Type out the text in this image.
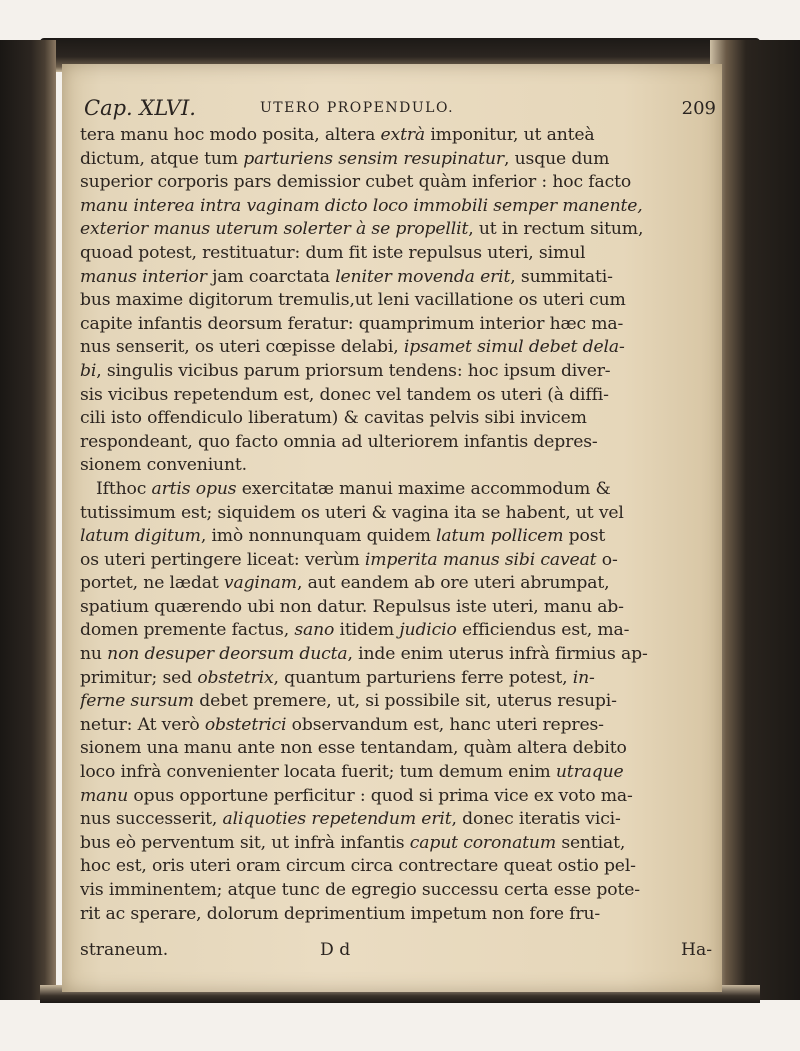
Cap. XLVI.	UTERO PROPENDULO.	209
tera manu hoc modo posita, altera extrà imponitur, ut anteà
dictum, atque tum parturiens sensim resupinatur, usque dum
superior corporis pars demissior cubet quàm inferior : hoc facto
manu interea intra vaginam dicto loco immobili semper manente,
exterior manus uterum solerter à se propellit, ut in rectum situm,
quoad potest, restituatur: dum fit iste repulsus uteri, simul
manus interior jam coarctata leniter movenda erit, summitati-
bus maxime digitorum tremulis,ut leni vacillatione os uteri cum
capite infantis deorsum feratur: quamprimum interior hæc ma-
nus senserit, os uteri cœpisse delabi, ipsamet simul debet dela-
bi, singulis vicibus parum priorsum tendens: hoc ipsum diver-
sis vicibus repetendum est, donec vel tandem os uteri (à diffi-
cili isto offendiculo liberatum) & cavitas pelvis sibi invicem
respondeant, quo facto omnia ad ulteriorem infantis depres-
sionem conveniunt.
Ifthoc artis opus exercitatæ manui maxime accommodum &
tutissimum est; siquidem os uteri & vagina ita se habent, ut vel
latum digitum, imò nonnunquam quidem latum pollicem post
os uteri pertingere liceat: verùm imperita manus sibi caveat o-
portet, ne lædat vaginam, aut eandem ab ore uteri abrumpat,
spatium quærendo ubi non datur. Repulsus iste uteri, manu ab-
domen premente factus, sano itidem judicio efficiendus est, ma-
nu non desuper deorsum ducta, inde enim uterus infrà firmius ap-
primitur; sed obstetrix, quantum parturiens ferre potest, in-
ferne sursum debet premere, ut, si possibile sit, uterus resupi-
netur: At verò obstetrici observandum est, hanc uteri repres-
sionem una manu ante non esse tentandam, quàm altera debito
loco infrà convenienter locata fuerit; tum demum enim utraque
manu opus opportune perficitur : quod si prima vice ex voto ma-
nus successerit, aliquoties repetendum erit, donec iteratis vici-
bus eò perventum sit, ut infrà infantis caput coronatum sentiat,
hoc est, oris uteri oram circum circa contrectare queat ostio pel-
vis imminentem; atque tunc de egregio successu certa esse pote-
rit ac sperare, dolorum deprimentium impetum non fore fru-
straneum.	D d	Ha-
